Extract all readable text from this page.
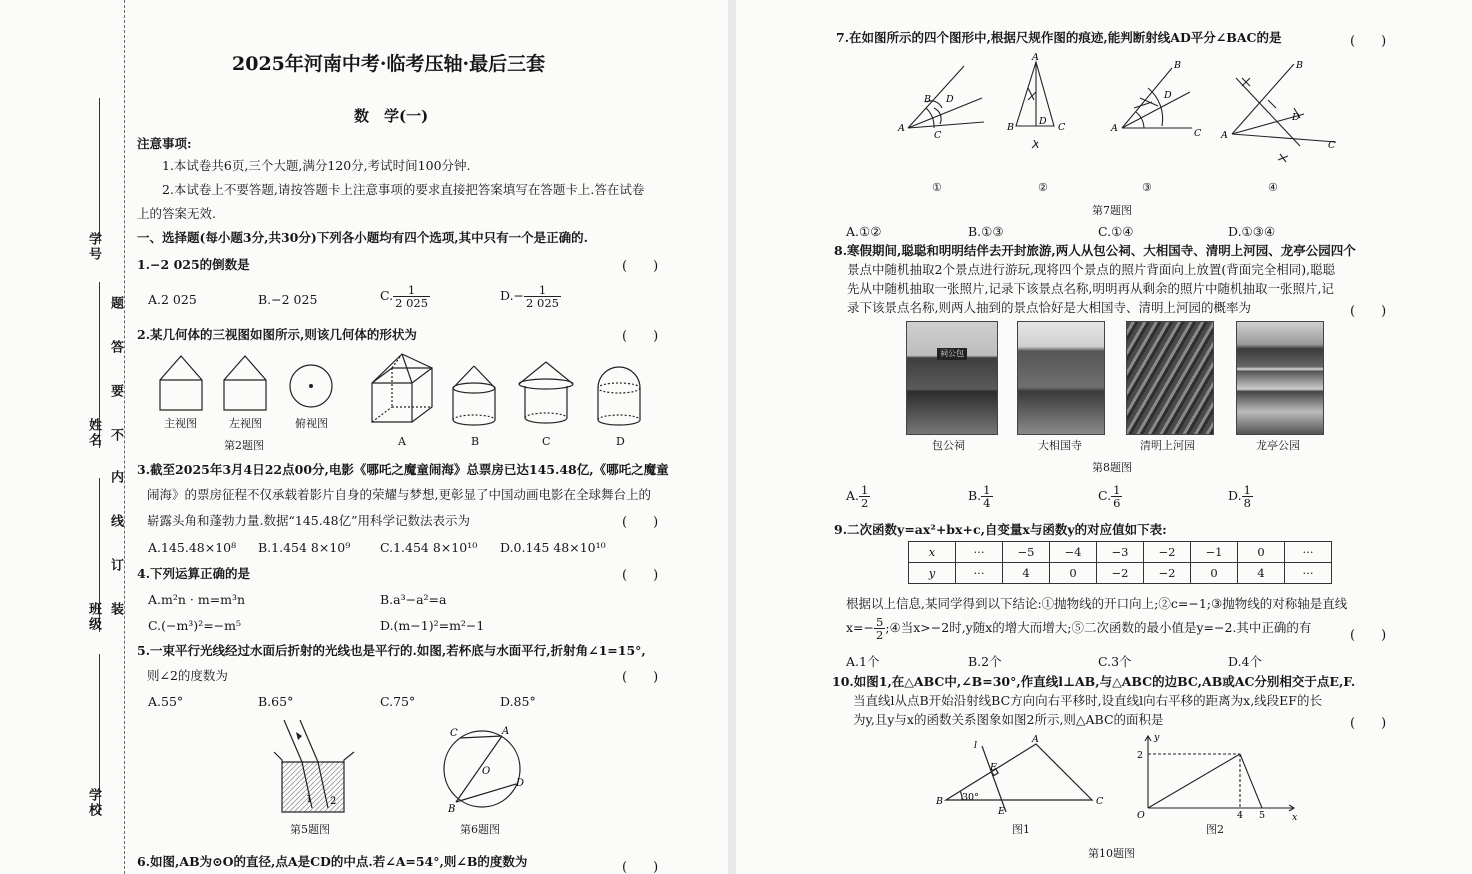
学号
姓名
班级
学校
题
答
要
不
内
线
订
装
2025年河南中考·临考压轴·最后三套
数　学(一)
注意事项:
1.本试卷共6页,三个大题,满分120分,考试时间100分钟.
2.本试卷上不要答题,请按答题卡上注意事项的要求直接把答案填写在答题卡上.答在试卷
上的答案无效.
一、选择题(每小题3分,共30分)下列各小题均有四个选项,其中只有一个是正确的.
1.−2 025的倒数是	(　　)
A.2 025	B.−2 025	C. $\frac{1}{2 025}$	$D.- \frac{1}{2 025}$
2.某几何体的三视图如图所示,则该几何体的形状为	(　　)
主视图	左视图	俯视图
A	B	C	D
第2题图
3.截至2025年3月4日22点00分,电影《哪吒之魔童闹海》总票房已达145.48亿,《哪吒之魔童
闹海》的票房征程不仅承载着影片自身的荣耀与梦想,更彰显了中国动画电影在全球舞台上的
崭露头角和蓬勃力量.数据“145.48亿”用科学记数法表示为	(　　)
A.145.48×10⁸ B.1.454 8×10⁹ C.1.454 8×10¹⁰ D.0.145 48×10¹⁰
4.下列运算正确的是	(　　)
A.m²n · m=m³n	B.a³−a²=a
C.(−m³)²=−m⁵	D.(m−1)²=m²−1
5.一束平行光线经过水面后折射的光线也是平行的.如图,若杯底与水面平行,折射角∠1=15°,
则∠2的度数为	(　　)
A.55°	B.65°	C.75°	D.85°
1 2
第5题图
C	A
O
D
B
第6题图
6.如图,AB为⊙O的直径,点A是CD的中点.若∠A=54°,则∠B的度数为	(　　)
7.在如图所示的四个图形中,根据尺规作图的痕迹,能判断射线AD平分∠BAC的是	(　　)
A
B D
C
A
B
D
C	A
B
D
C A
B
D
C
①	②	③	④
第7题图
A.①②	B.①③	C.①④	D.①③④
8.寒假期间,聪聪和明明结伴去开封旅游,两人从包公祠、大相国寺、清明上河园、龙亭公园四个
景点中随机抽取2个景点进行游玩,现将四个景点的照片背面向上放置(背面完全相同),聪聪
先从中随机抽取一张照片,记录下该景点名称,明明再从剩余的照片中随机抽取一张照片,记
录下该景点名称,则两人抽到的景点恰好是大相国寺、清明上河园的概率为	(　　)
祠公包
包公祠	大相国寺	清明上河园	龙亭公园
第8题图
A. $\frac{1}{2}$	B. $\frac{1}{4}$	C. $\frac{1}{6}$	D. $\frac{1}{8}$
9.二次函数y=ax²+bx+c,自变量x与函数y的对应值如下表:
x	···	−5	−4	−3	−2	−1	0	···
y	···	4	0	−2	−2	0	4	···
根据以上信息,某同学得到以下结论:①抛物线的开口向上;②c=−1;③抛物线的对称轴是直线
$x=- \frac{5}{2}$ ;④当x>−2时,y随x的增大而增大;⑤二次函数的最小值是y=−2.其中正确的有
(　　)
A.1个	B.2个	C.3个	D.4个
10.如图1,在△ABC中,∠B=30°,作直线l⊥AB,与△ABC的边BC,AB或AC分别相交于点E,F.
当直线l从点B开始沿射线BC方向向右平移时,设直线l向右平移的距离为x,线段EF的长
为y,且y与x的函数关系图象如图2所示,则△ABC的面积是	(　　)
l
A
B	C
F
E
30°
图1
y
x
O
2
4 5
图2
第10题图
